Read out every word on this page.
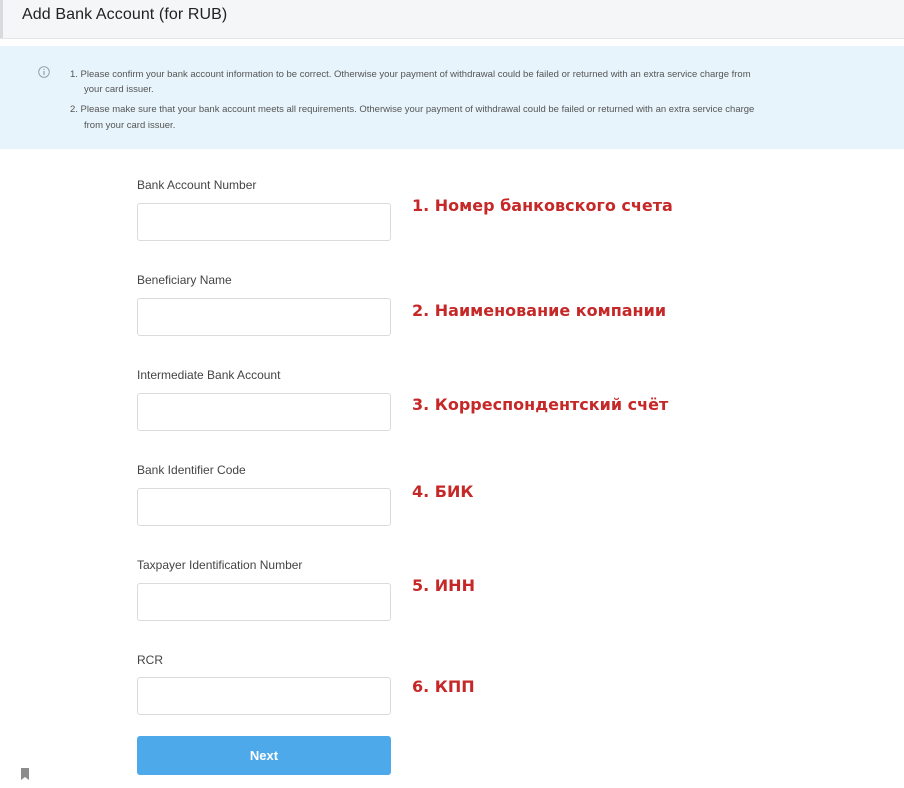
Add Bank Account (for RUB)
1. Please confirm your bank account information to be correct. Otherwise your payment of withdrawal could be failed or returned with an extra service charge from
your card issuer.
2. Please make sure that your bank account meets all requirements. Otherwise your payment of withdrawal could be failed or returned with an extra service charge
from your card issuer.
Bank Account Number
1. Номер банковского счета
Beneficiary Name
2. Наименование компании
Intermediate Bank Account
3. Корреспондентский счёт
Bank Identifier Code
4. БИК
Taxpayer Identification Number
5. ИНН
RCR
6. КПП
Next
